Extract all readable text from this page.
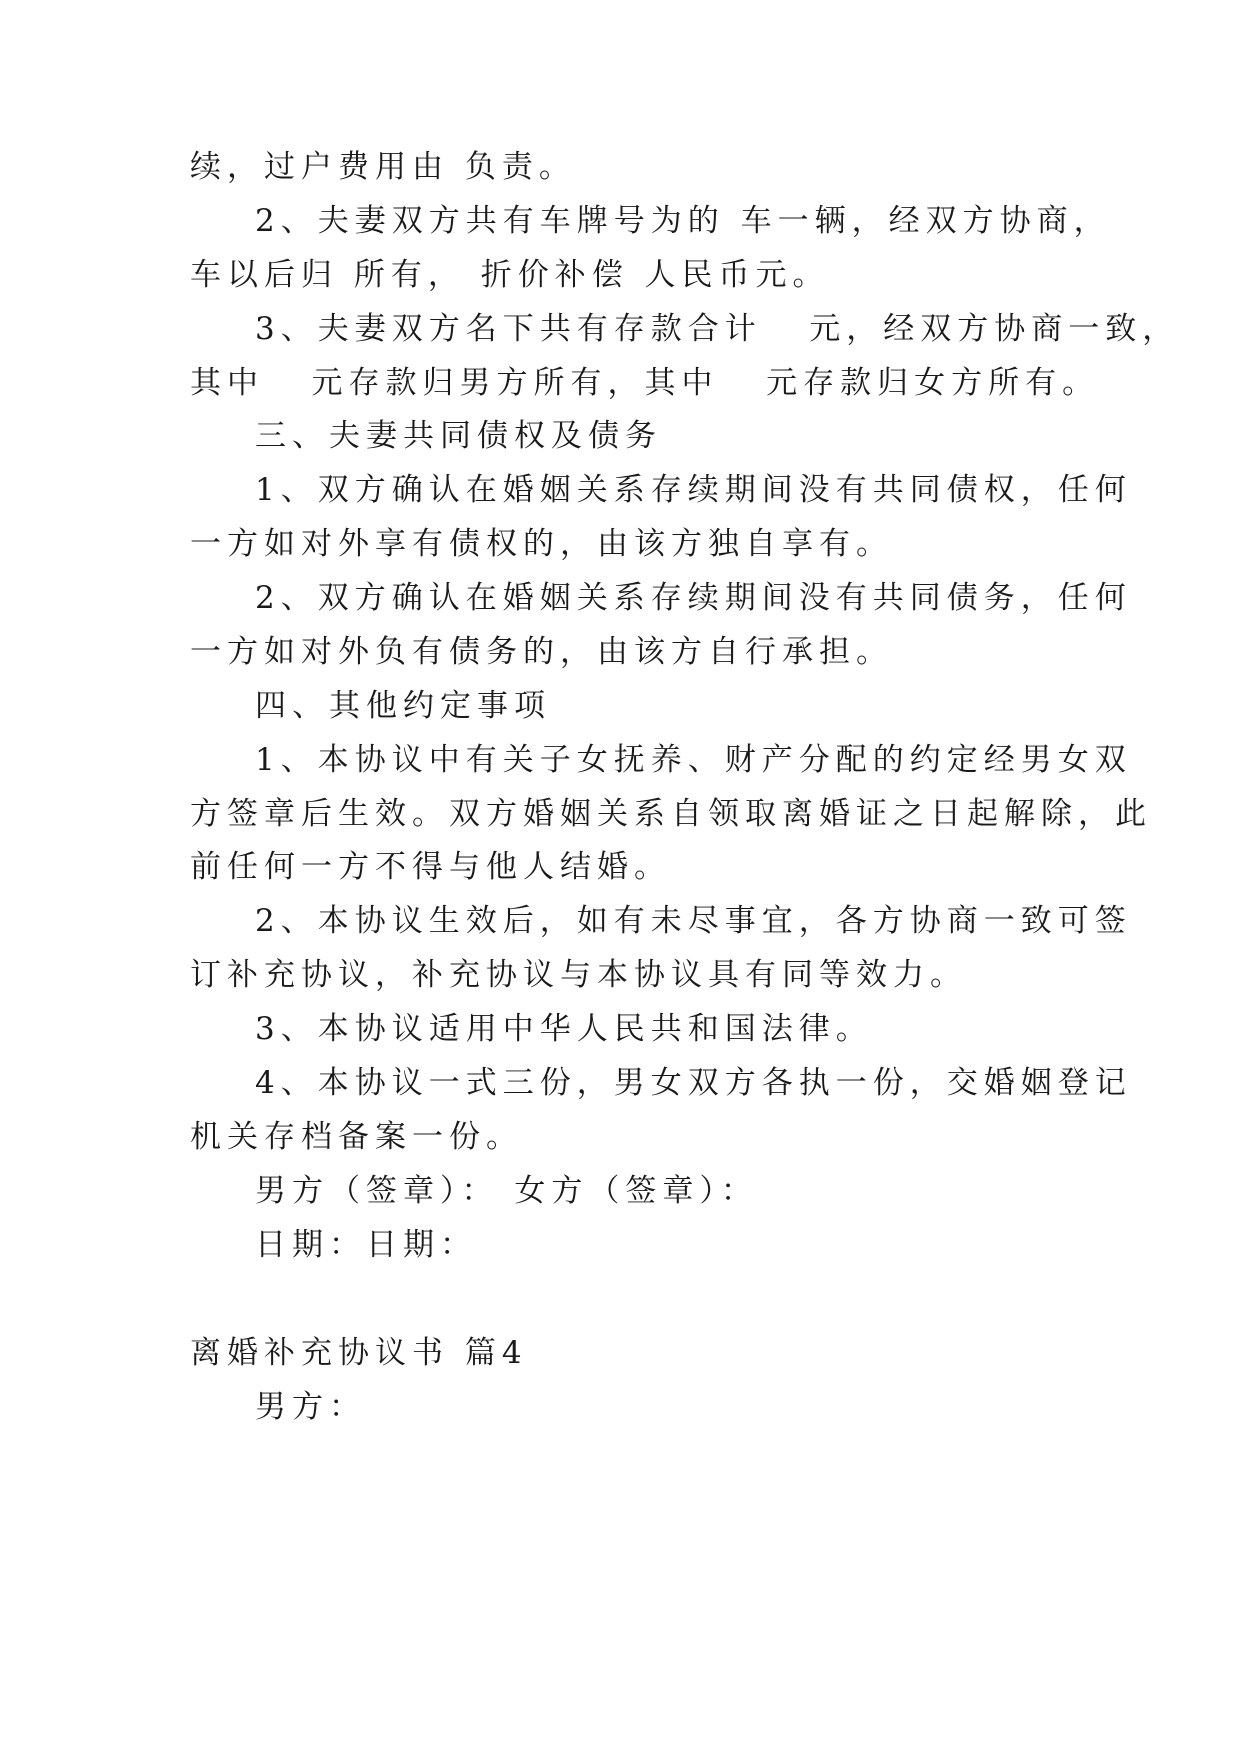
续，过户费用由 负责。
2、夫妻双方共有车牌号为的 车一辆，经双方协商，
车以后归 所有， 折价补偿 人民币元。
3、夫妻双方名下共有存款合计   元，经双方协商一致，
其中   元存款归男方所有，其中   元存款归女方所有。
三、夫妻共同债权及债务
1、双方确认在婚姻关系存续期间没有共同债权，任何
一方如对外享有债权的，由该方独自享有。
2、双方确认在婚姻关系存续期间没有共同债务，任何
一方如对外负有债务的，由该方自行承担。
四、其他约定事项
1、本协议中有关子女抚养、财产分配的约定经男女双
方签章后生效。双方婚姻关系自领取离婚证之日起解除，此
前任何一方不得与他人结婚。
2、本协议生效后，如有未尽事宜，各方协商一致可签
订补充协议，补充协议与本协议具有同等效力。
3、本协议适用中华人民共和国法律。
4、本协议一式三份，男女双方各执一份，交婚姻登记
机关存档备案一份。
男方（签章）： 女方（签章）：
日期：日期：
离婚补充协议书 篇4
男方：
